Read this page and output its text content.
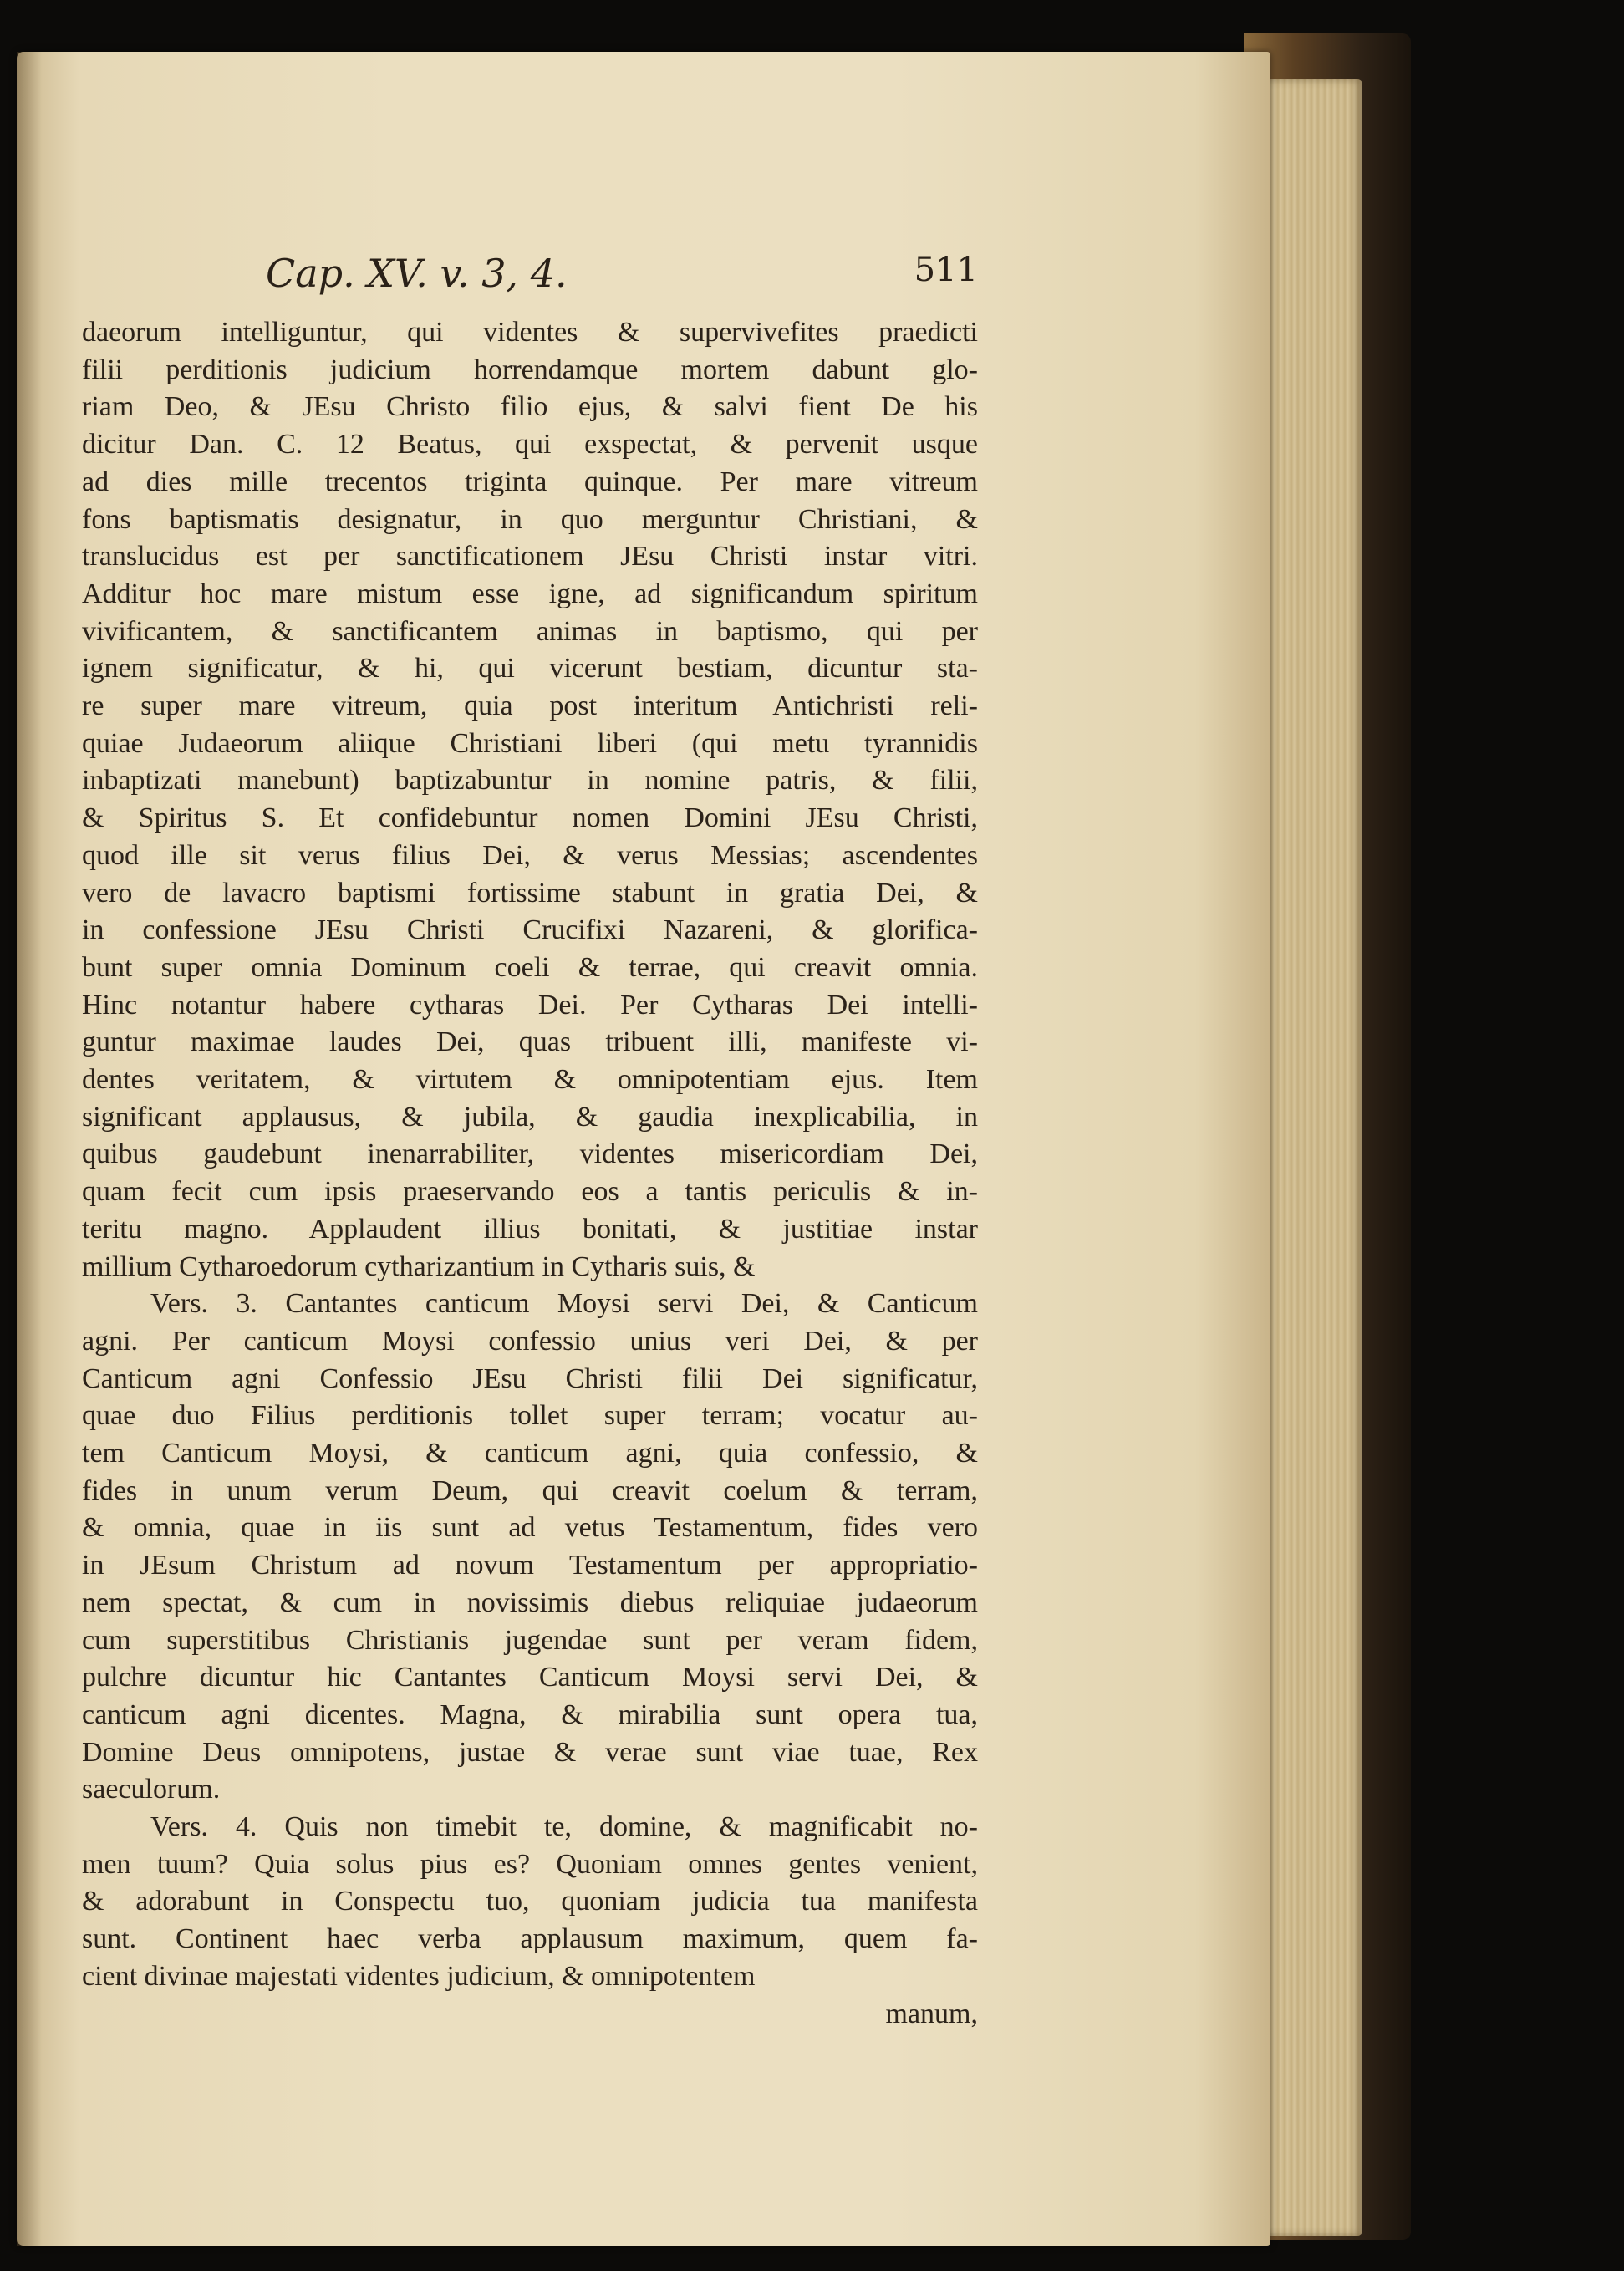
Cap. XV. v. 3, 4.	511
daeorum intelliguntur, qui videntes & supervivefites praedicti
filii perditionis judicium horrendamque mortem dabunt glo-
riam Deo, & JEsu Christo filio ejus, & salvi fient De his
dicitur Dan. C. 12 Beatus, qui exspectat, & pervenit usque
ad dies mille trecentos triginta quinque. Per mare vitreum
fons baptismatis designatur, in quo merguntur Christiani, &
translucidus est per sanctificationem JEsu Christi instar vitri.
Additur hoc mare mistum esse igne, ad significandum spiritum
vivificantem, & sanctificantem animas in baptismo, qui per
ignem significatur, & hi, qui vicerunt bestiam, dicuntur sta-
re super mare vitreum, quia post interitum Antichristi reli-
quiae Judaeorum aliique Christiani liberi (qui metu tyrannidis
inbaptizati manebunt) baptizabuntur in nomine patris, & filii,
& Spiritus S. Et confidebuntur nomen Domini JEsu Christi,
quod ille sit verus filius Dei, & verus Messias; ascendentes
vero de lavacro baptismi fortissime stabunt in gratia Dei, &
in confessione JEsu Christi Crucifixi Nazareni, & glorifica-
bunt super omnia Dominum coeli & terrae, qui creavit omnia.
Hinc notantur habere cytharas Dei. Per Cytharas Dei intelli-
guntur maximae laudes Dei, quas tribuent illi, manifeste vi-
dentes veritatem, & virtutem & omnipotentiam ejus. Item
significant applausus, & jubila, & gaudia inexplicabilia, in
quibus gaudebunt inenarrabiliter, videntes misericordiam Dei,
quam fecit cum ipsis praeservando eos a tantis periculis & in-
teritu magno. Applaudent illius bonitati, & justitiae instar
millium Cytharoedorum cytharizantium in Cytharis suis, &
Vers. 3. Cantantes canticum Moysi servi Dei, & Canticum
agni. Per canticum Moysi confessio unius veri Dei, & per
Canticum agni Confessio JEsu Christi filii Dei significatur,
quae duo Filius perditionis tollet super terram; vocatur au-
tem Canticum Moysi, & canticum agni, quia confessio, &
fides in unum verum Deum, qui creavit coelum & terram,
& omnia, quae in iis sunt ad vetus Testamentum, fides vero
in JEsum Christum ad novum Testamentum per appropriatio-
nem spectat, & cum in novissimis diebus reliquiae judaeorum
cum superstitibus Christianis jugendae sunt per veram fidem,
pulchre dicuntur hic Cantantes Canticum Moysi servi Dei, &
canticum agni dicentes. Magna, & mirabilia sunt opera tua,
Domine Deus omnipotens, justae & verae sunt viae tuae, Rex
saeculorum.
Vers. 4. Quis non timebit te, domine, & magnificabit no-
men tuum? Quia solus pius es? Quoniam omnes gentes venient,
& adorabunt in Conspectu tuo, quoniam judicia tua manifesta
sunt. Continent haec verba applausum maximum, quem fa-
cient divinae majestati videntes judicium, & omnipotentem
manum,
